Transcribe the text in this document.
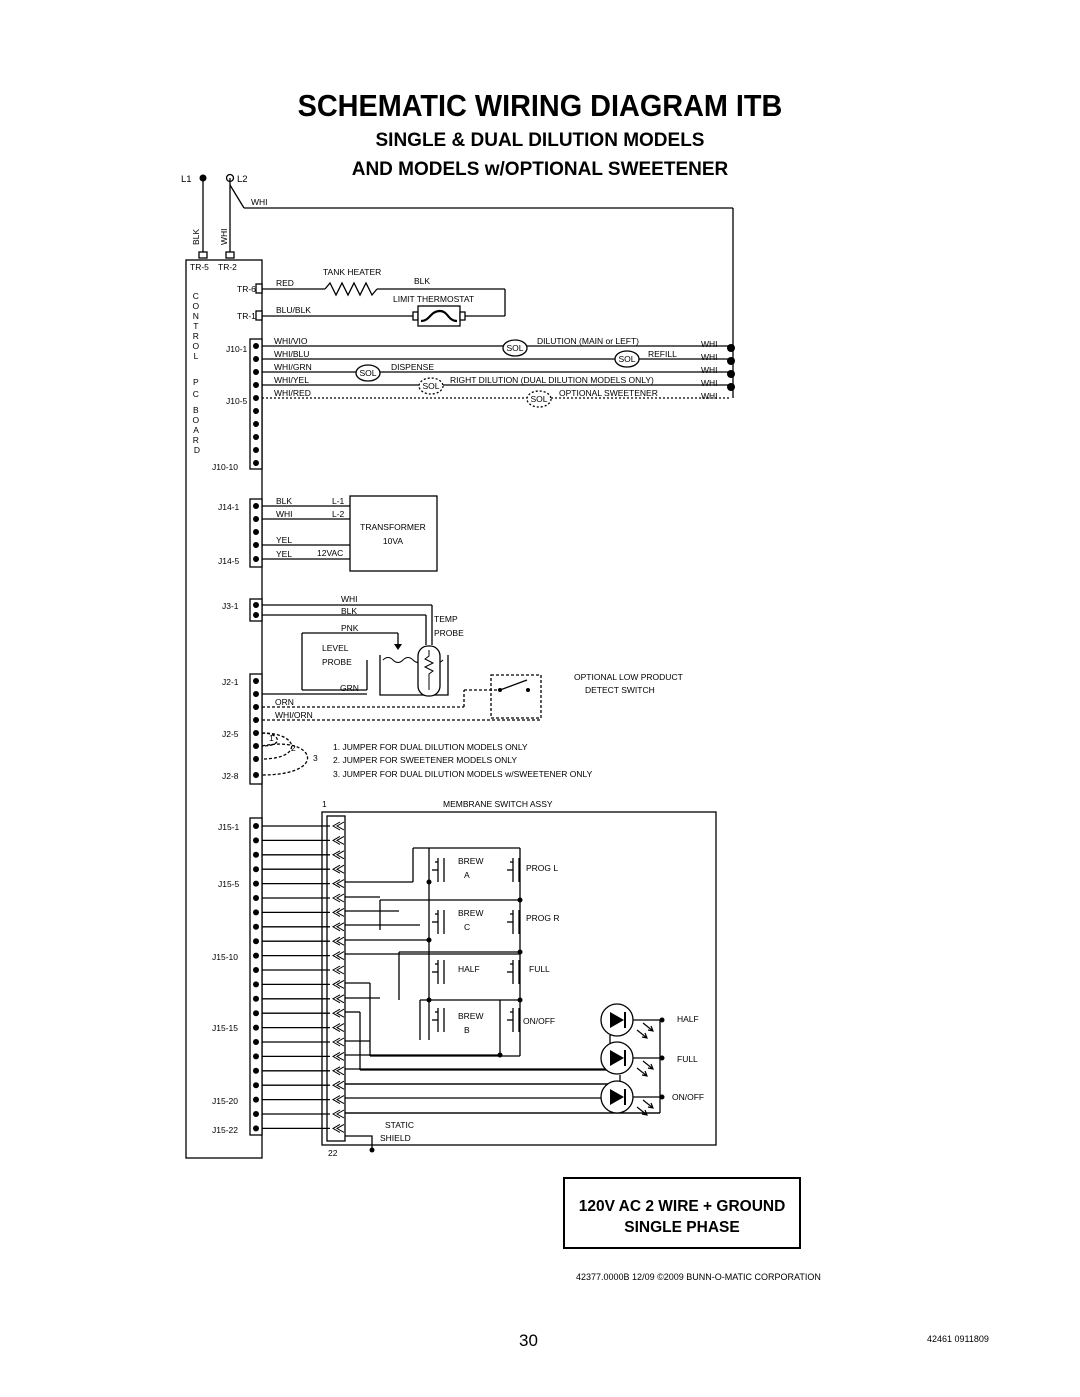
SCHEMATIC WIRING DIAGRAM ITB
SINGLE & DUAL DILUTION MODELS
AND MODELS w/OPTIONAL SWEETENER
L1	L2
WHI
BLK WHI
TR-5 TR-2
C O N T R O L P C B O A R D
TR-6
TR-1
TANK HEATER
RED	BLK
LIMIT THERMOSTAT
BLU/BLK
J10-1
J10-5
J10-10
WHI/VIO
WHI/BLU
WHI/GRN
WHI/YEL
WHI/RED
SOL
SOL
SOL
SOL
SOL
DILUTION (MAIN or LEFT)
REFILL
DISPENSE
RIGHT DILUTION (DUAL DILUTION MODELS ONLY)
OPTIONAL SWEETENER
WHI
WHI
WHI
WHI
WHI
J14-1
J14-5
TRANSFORMER
10VA
BLK
WHI
L-1
L-2
YEL
YEL	12VAC
J3-1
WHI
BLK
PNK
TEMP
PROBE
LEVEL
PROBE
GRN
J2-1
J2-5
J2-8
ORN
WHI/ORN
OPTIONAL LOW PRODUCT
DETECT SWITCH
1
2
3
1. JUMPER FOR DUAL DILUTION MODELS ONLY
2. JUMPER FOR SWEETENER MODELS ONLY
3. JUMPER FOR DUAL DILUTION MODELS w/SWEETENER ONLY
J15-1
J15-5
J15-10
J15-15
J15-20
J15-22
1	MEMBRANE SWITCH ASSY
22
BREW
A
PROG L
BREW
C
PROG R
HALF	FULL
BREW
B
ON/OFF	HALF
FULL
ON/OFF
STATIC
SHIELD
120V AC 2 WIRE + GROUND
SINGLE PHASE
42377.0000B 12/09 ©2009 BUNN-O-MATIC CORPORATION
30	42461 0911809
